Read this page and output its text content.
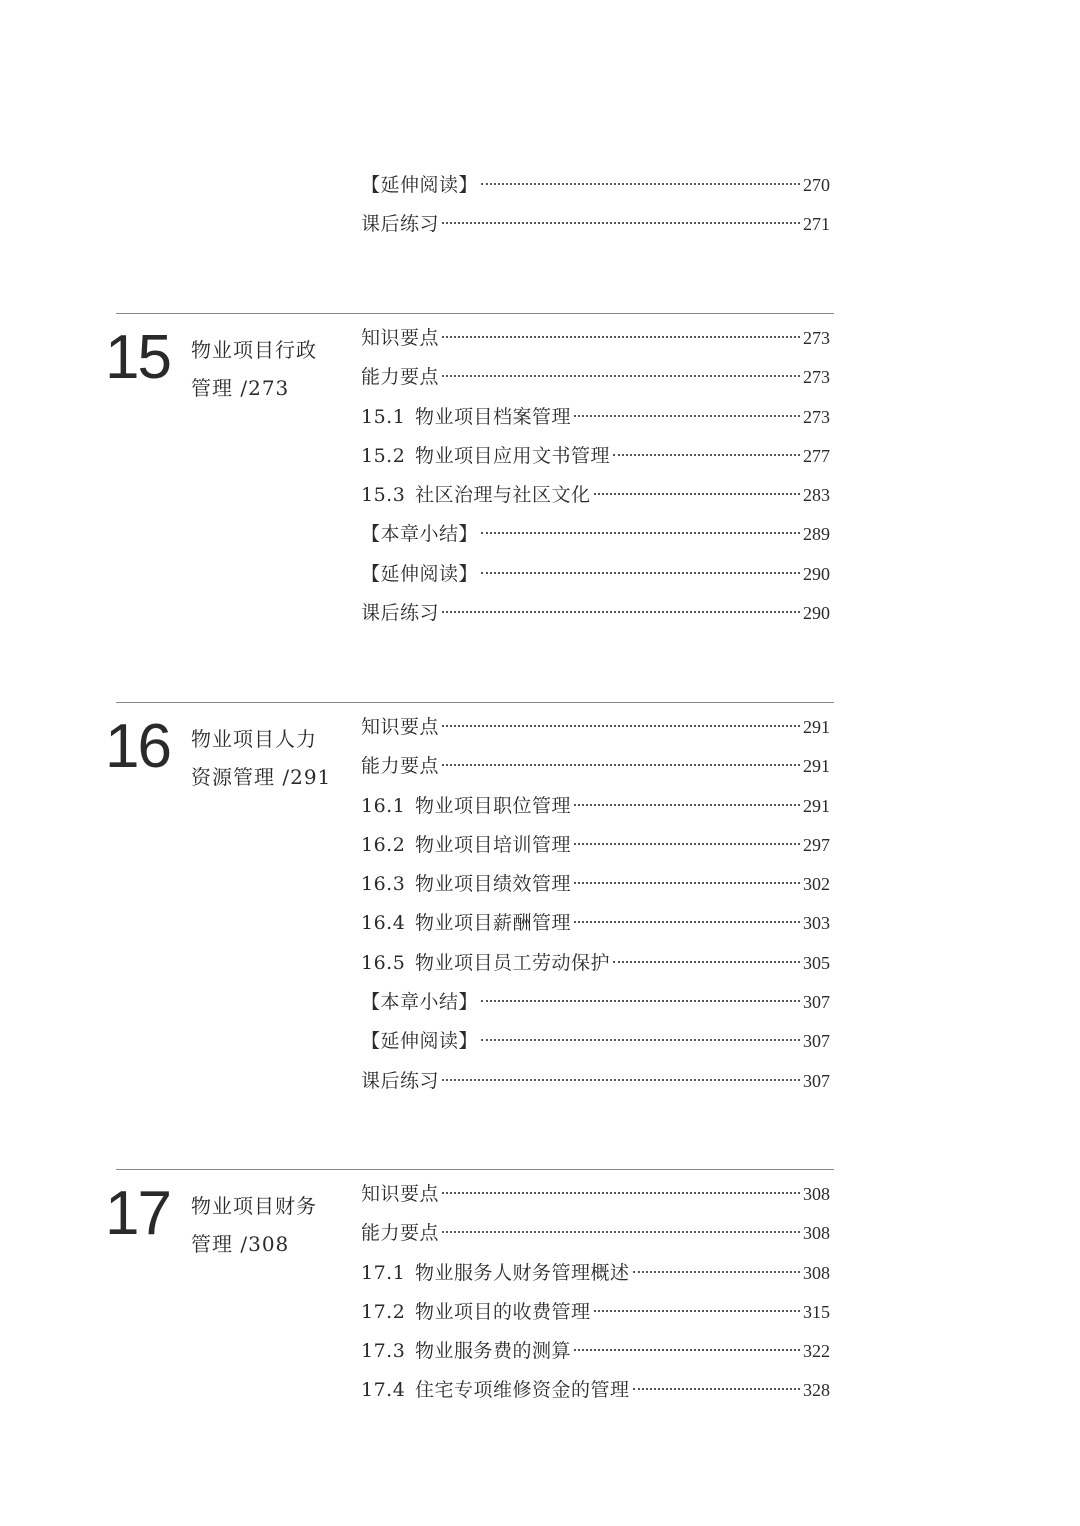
【延伸阅读】	270
课后练习	271
15 物业项目行政
管理 /273
知识要点	273
能力要点	273
15.1 物业项目档案管理	273
15.2 物业项目应用文书管理	277
15.3 社区治理与社区文化	283
【本章小结】	289
【延伸阅读】	290
课后练习	290
16 物业项目人力
资源管理 /291
知识要点	291
能力要点	291
16.1 物业项目职位管理	291
16.2 物业项目培训管理	297
16.3 物业项目绩效管理	302
16.4 物业项目薪酬管理	303
16.5 物业项目员工劳动保护	305
【本章小结】	307
【延伸阅读】	307
课后练习	307
17 物业项目财务
管理 /308
知识要点	308
能力要点	308
17.1 物业服务人财务管理概述	308
17.2 物业项目的收费管理	315
17.3 物业服务费的测算	322
17.4 住宅专项维修资金的管理	328
